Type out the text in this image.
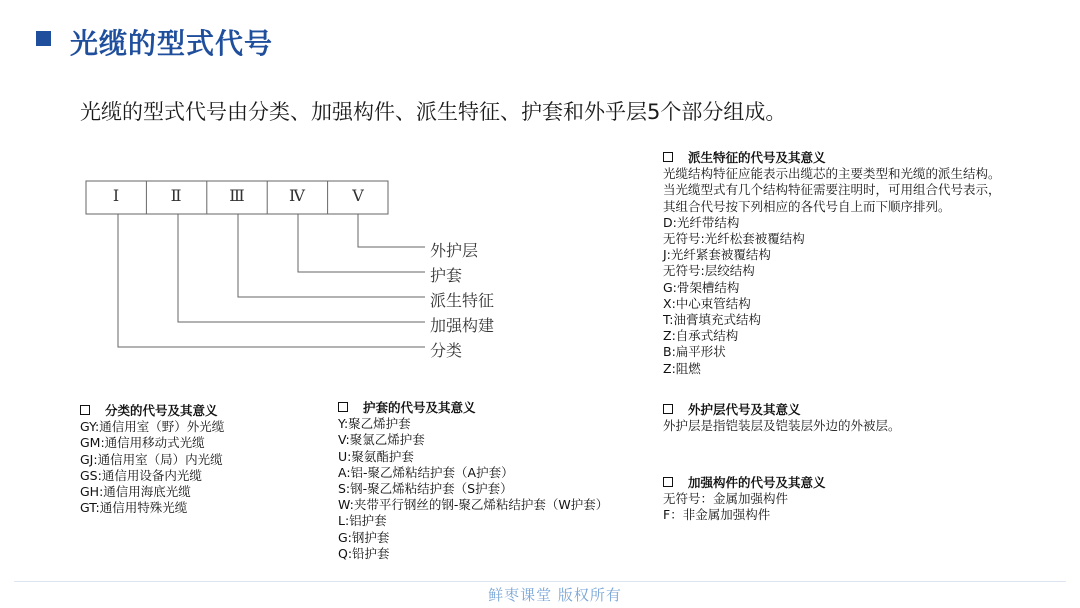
光缆的型式代号
光缆的型式代号由分类、加强构件、派生特征、护套和外乎层5个部分组成。
Ⅰ	Ⅱ	Ⅲ	Ⅳ	Ⅴ
外护层
护套
派生特征
加强构建
分类
派生特征的代号及其意义
光缆结构特征应能表示出缆芯的主要类型和光缆的派生结构。
当光缆型式有几个结构特征需要注明时，可用组合代号表示，
其组合代号按下列相应的各代号自上而下顺序排列。
D:光纤带结构
无符号:光纤松套被覆结构
J:光纤紧套被覆结构
无符号:层绞结构
G:骨架槽结构
X:中心束管结构
T:油膏填充式结构
Z:自承式结构
B:扁平形状
Z:阻燃
分类的代号及其意义
GY:通信用室（野）外光缆
GM:通信用移动式光缆
GJ:通信用室（局）内光缆
GS:通信用设备内光缆
GH:通信用海底光缆
GT:通信用特殊光缆
护套的代号及其意义
Y:聚乙烯护套
V:聚氯乙烯护套
U:聚氨酯护套
A:铝-聚乙烯粘结护套（A护套）
S:钢-聚乙烯粘结护套（S护套）
W:夹带平行钢丝的钢-聚乙烯粘结护套（W护套）
L:铝护套
G:钢护套
Q:铅护套
外护层代号及其意义
外护层是指铠装层及铠装层外边的外被层。
加强构件的代号及其意义
无符号：金属加强构件
F：非金属加强构件
鲜枣课堂 版权所有
